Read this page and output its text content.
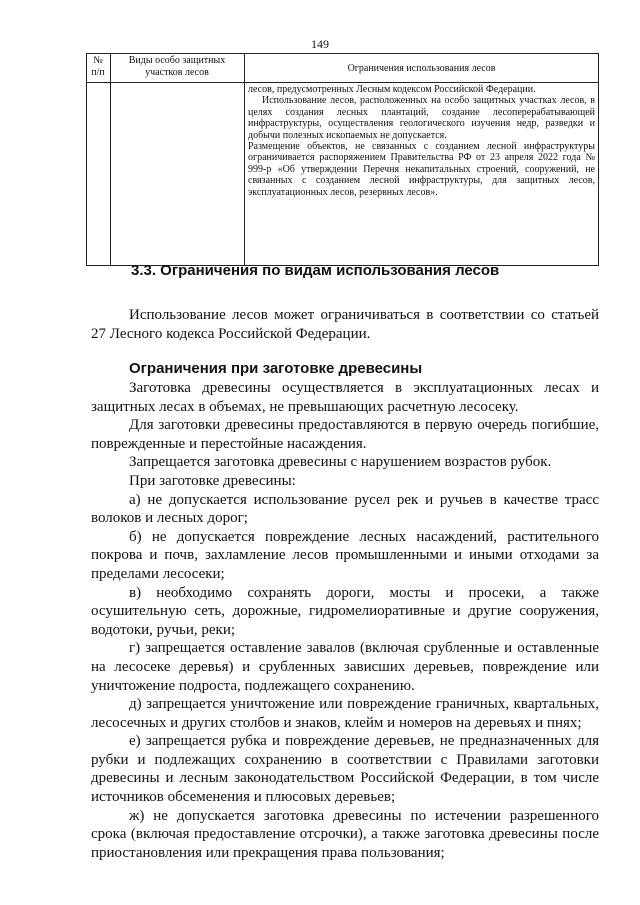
149
№
п/п
Виды особо защитных
участков лесов	Ограничения использования лесов

лесов, предусмотренных Лесным кодексом Российской Федерации.

Использование лесов, расположенных на особо защитных участках лесов, в целях создания лесных плантаций, создание лесоперерабатывающей инфраструктуры, осуществления геологического изучения недр, разведки и добычи полезных ископаемых не допускается.

Размещение объектов, не связанных с созданием лесной инфраструктуры ограничивается распоряжением Правительства РФ от 23 апреля 2022 года № 999-р «Об утверждении Перечня некапитальных строений, сооружений, не связанных с созданием лесной инфраструктуры, для защитных лесов, эксплуатационных лесов, резервных лесов».

3.3. Ограничения по видам использования лесов

Использование лесов может ограничиваться в соответствии со статьей 27 Лесного кодекса Российской Федерации.

Ограничения при заготовке древесины

Заготовка древесины осуществляется в эксплуатационных лесах и защитных лесах в объемах, не превышающих расчетную лесосеку.

Для заготовки древесины предоставляются в первую очередь погибшие, поврежденные и перестойные насаждения.

Запрещается заготовка древесины с нарушением возрастов рубок.

При заготовке древесины:

а) не допускается использование русел рек и ручьев в качестве трасс волоков и лесных дорог;

б) не допускается повреждение лесных насаждений, растительного покрова и почв, захламление лесов промышленными и иными отходами за пределами лесосеки;

в) необходимо сохранять дороги, мосты и просеки, а также осушительную сеть, дорожные, гидромелиоративные и другие сооружения, водотоки, ручьи, реки;

г) запрещается оставление завалов (включая срубленные и оставленные на лесосеке деревья) и срубленных зависших деревьев, повреждение или уничтожение подроста, подлежащего сохранению.

д) запрещается уничтожение или повреждение граничных, квартальных, лесосечных и других столбов и знаков, клейм и номеров на деревьях и пнях;

е) запрещается рубка и повреждение деревьев, не предназначенных для рубки и подлежащих сохранению в соответствии с Правилами заготовки древесины и лесным законодательством Российской Федерации, в том числе источников обсеменения и плюсовых деревьев;

ж) не допускается заготовка древесины по истечении разрешенного срока (включая предоставление отсрочки), а также заготовка древесины после приостановления или прекращения права пользования;
